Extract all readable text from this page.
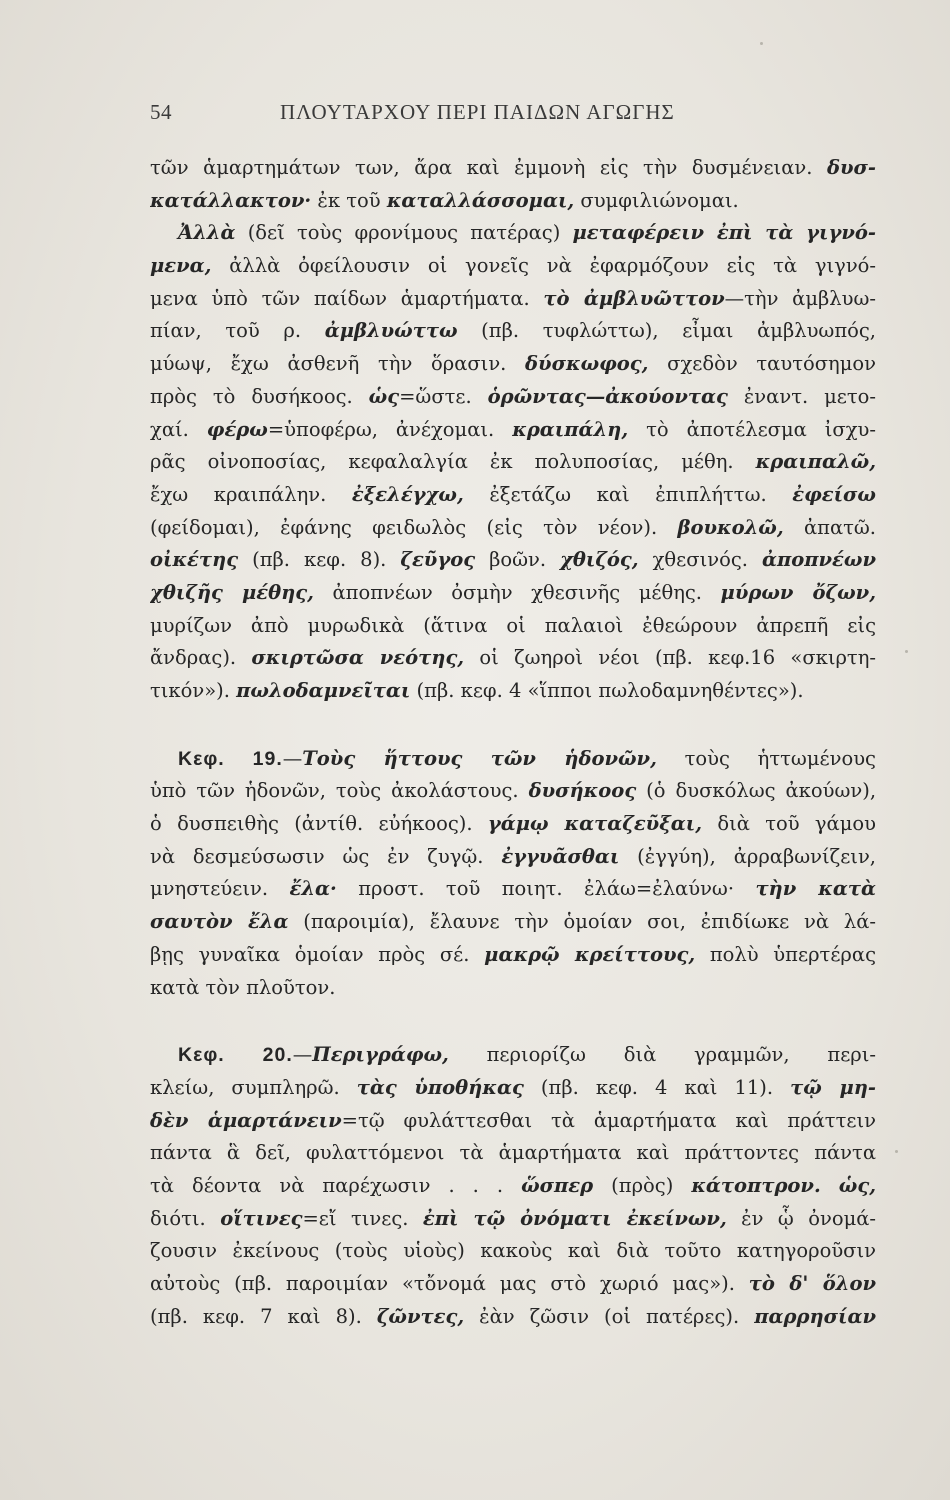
54	ΠΛΟΥΤΑΡΧΟΥ ΠΕΡΙ ΠΑΙΔΩΝ ΑΓΩΓΗΣ
τῶν ἁμαρτημάτων των, ἄρα καὶ ἐμμονὴ εἰς τὴν δυσμένειαν. δυσ-
κατάλλακτον· ἐκ τοῦ καταλλάσσομαι, συμφιλιώνομαι.
Ἀλλὰ (δεῖ τοὺς φρονίμους πατέρας) μεταφέρειν ἐπὶ τὰ γιγνό-
μενα, ἀλλὰ ὀφείλουσιν οἱ γονεῖς νὰ ἐφαρμόζουν εἰς τὰ γιγνό-
μενα ὑπὸ τῶν παίδων ἁμαρτήματα. τὸ ἀμβλυῶττον—τὴν ἀμβλυω-
πίαν, τοῦ ρ. ἀμβλυώττω (πβ. τυφλώττω), εἶμαι ἀμβλυωπός,
μύωψ, ἔχω ἀσθενῆ τὴν ὅρασιν. δύσκωφος, σχεδὸν ταυτόσημον
πρὸς τὸ δυσήκοος. ὡς=ὥστε. ὁρῶντας—ἀκούοντας ἐναντ. μετο-
χαί. φέρω=ὑποφέρω, ἀνέχομαι. κραιπάλη, τὸ ἀποτέλεσμα ἰσχυ-
ρᾶς οἰνοποσίας, κεφαλαλγία ἐκ πολυποσίας, μέθη. κραιπαλῶ,
ἔχω κραιπάλην. ἐξελέγχω, ἐξετάζω καὶ ἐπιπλήττω. ἐφείσω
(φείδομαι), ἐφάνης φειδωλὸς (εἰς τὸν νέον). βουκολῶ, ἀπατῶ.
οἰκέτης (πβ. κεφ. 8). ζεῦγος βοῶν. χθιζός, χθεσινός. ἀποπνέων
χθιζῆς μέθης, ἀποπνέων ὀσμὴν χθεσινῆς μέθης. μύρων ὄζων,
μυρίζων ἀπὸ μυρωδικὰ (ἅτινα οἱ παλαιοὶ ἐθεώρουν ἀπρεπῆ εἰς
ἄνδρας). σκιρτῶσα νεότης, οἱ ζωηροὶ νέοι (πβ. κεφ.16 «σκιρτη-
τικόν»). πωλοδαμνεῖται (πβ. κεφ. 4 «ἵπποι πωλοδαμνηθέντες»).
Κεφ. 19.—Τοὺς ἥττους τῶν ἡδονῶν, τοὺς ἡττωμένους
ὑπὸ τῶν ἡδονῶν, τοὺς ἀκολάστους. δυσήκοος (ὁ δυσκόλως ἀκούων),
ὁ δυσπειθὴς (ἀντίθ. εὐήκοος). γάμῳ καταζεῦξαι, διὰ τοῦ γάμου
νὰ δεσμεύσωσιν ὡς ἐν ζυγῷ. ἐγγυᾶσθαι (ἐγγύη), ἀρραβωνίζειν,
μνηστεύειν. ἔλα· προστ. τοῦ ποιητ. ἐλάω=ἐλαύνω· τὴν κατὰ
σαυτὸν ἔλα (παροιμία), ἔλαυνε τὴν ὁμοίαν σοι, ἐπιδίωκε νὰ λά-
βῃς γυναῖκα ὁμοίαν πρὸς σέ. μακρῷ κρείττους, πολὺ ὑπερτέρας
κατὰ τὸν πλοῦτον.
Κεφ. 20.—Περιγράφω, περιορίζω διὰ γραμμῶν, περι-
κλείω, συμπληρῶ. τὰς ὑποθήκας (πβ. κεφ. 4 καὶ 11). τῷ μη-
δὲν ἁμαρτάνειν=τῷ φυλάττεσθαι τὰ ἁμαρτήματα καὶ πράττειν
πάντα ἃ δεῖ, φυλαττόμενοι τὰ ἁμαρτήματα καὶ πράττοντες πάντα
τὰ δέοντα νὰ παρέχωσιν . . . ὥσπερ (πρὸς) κάτοπτρον. ὡς,
διότι. οἵτινες=εἴ τινες. ἐπὶ τῷ ὀνόματι ἐκείνων, ἐν ᾧ ὀνομά-
ζουσιν ἐκείνους (τοὺς υἱοὺς) κακοὺς καὶ διὰ τοῦτο κατηγοροῦσιν
αὐτοὺς (πβ. παροιμίαν «τὄνομά μας στὸ χωριό μας»). τὸ δ' ὅλον
(πβ. κεφ. 7 καὶ 8). ζῶντες, ἐὰν ζῶσιν (οἱ πατέρες). παρρησίαν
